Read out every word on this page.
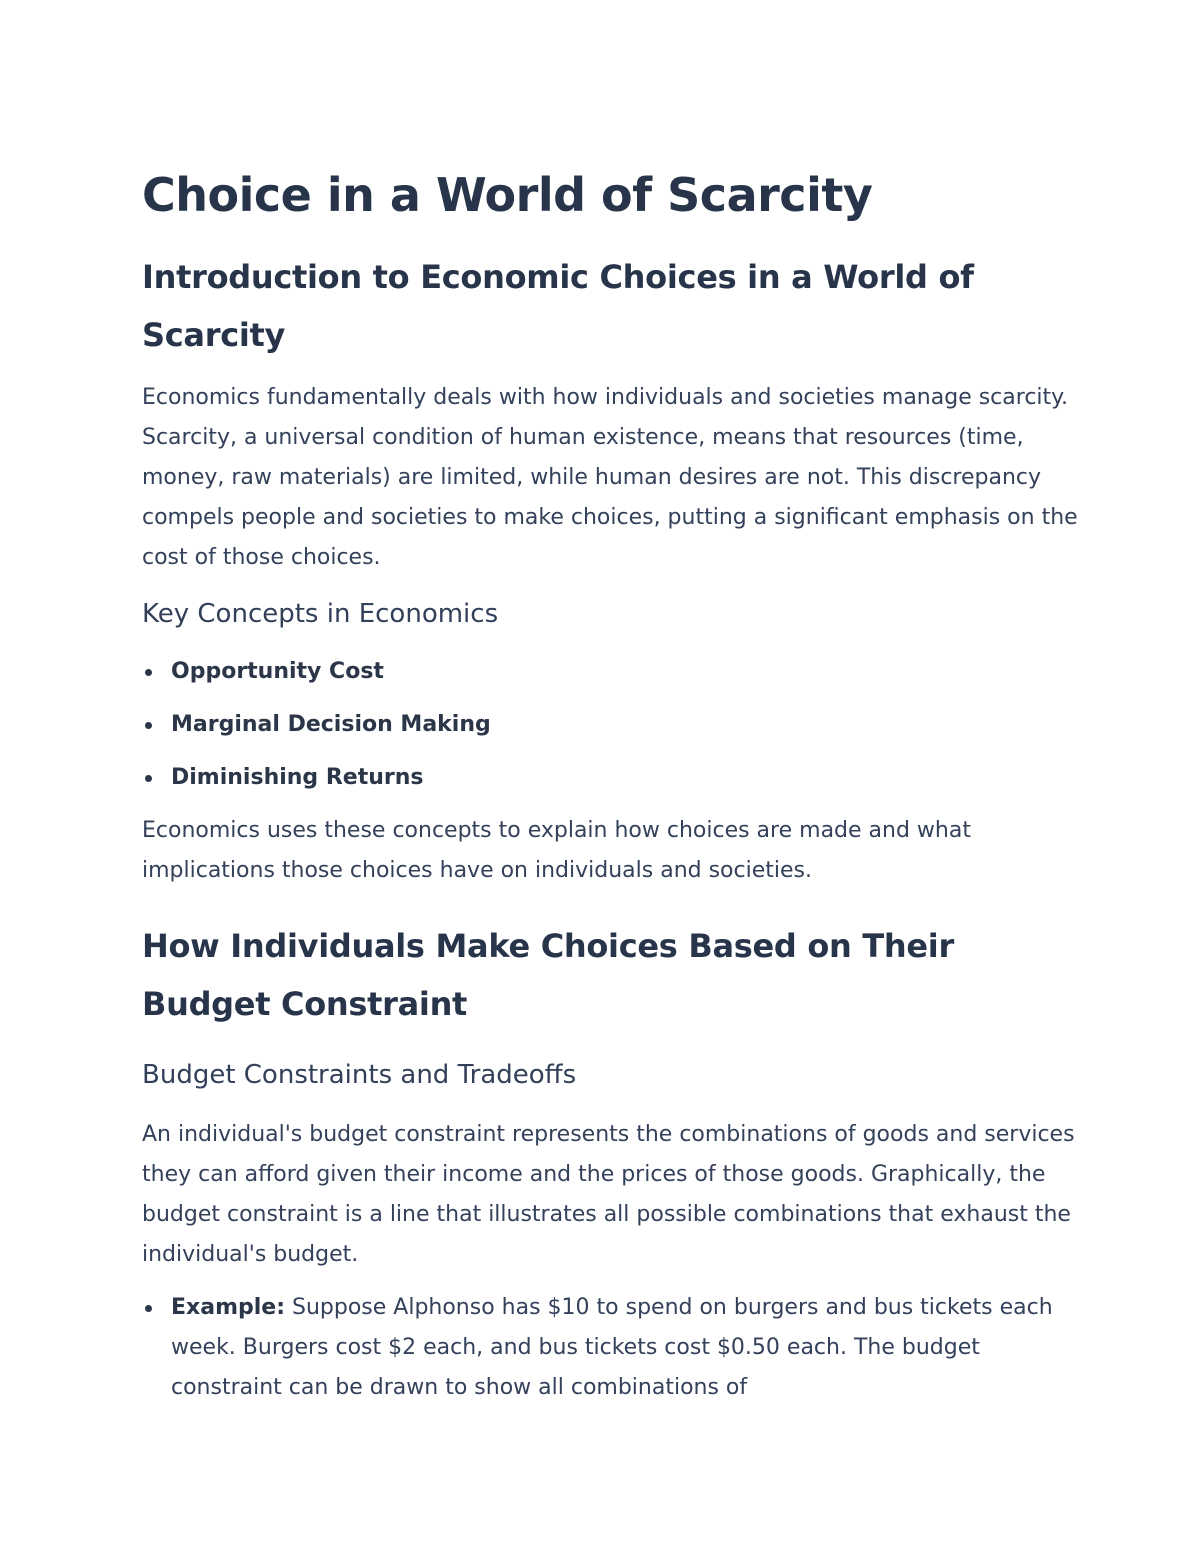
Choice in a World of Scarcity
Introduction to Economic Choices in a World of Scarcity

Economics fundamentally deals with how individuals and societies manage scarcity. Scarcity, a universal condition of human existence, means that resources (time, money, raw materials) are limited, while human desires are not. This discrepancy compels people and societies to make choices, putting a significant emphasis on the cost of those choices.

Key Concepts in Economics
Opportunity Cost
Marginal Decision Making
Diminishing Returns

Economics uses these concepts to explain how choices are made and what implications those choices have on individuals and societies.

How Individuals Make Choices Based on Their Budget Constraint
Budget Constraints and Tradeoffs

An individual's budget constraint represents the combinations of goods and services they can afford given their income and the prices of those goods. Graphically, the budget constraint is a line that illustrates all possible combinations that exhaust the individual's budget.

Example: Suppose Alphonso has $10 to spend on burgers and bus tickets each week. Burgers cost $2 each, and bus tickets cost $0.50 each. The budget constraint can be drawn to show all combinations of
